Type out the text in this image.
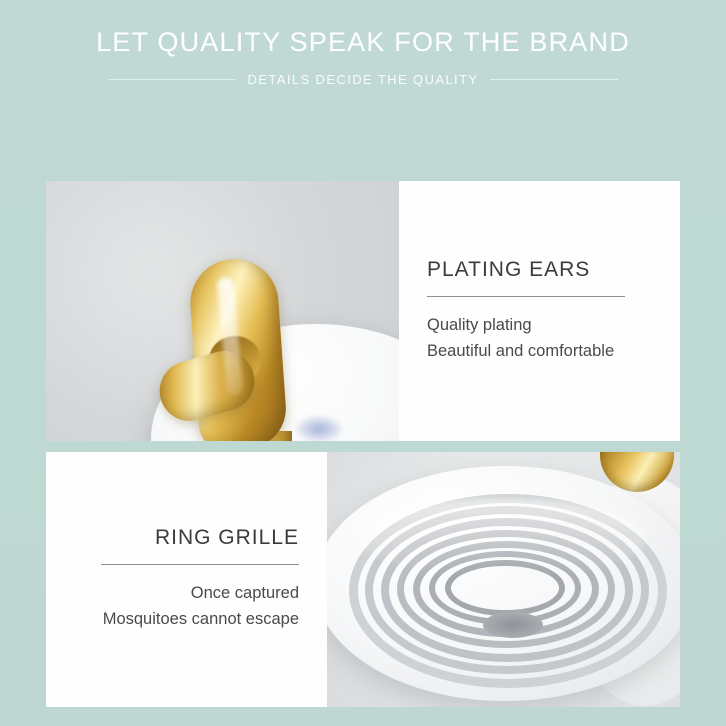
LET QUALITY SPEAK FOR THE BRAND
DETAILS DECIDE THE QUALITY
PLATING EARS
Quality plating
Beautiful and comfortable
RING GRILLE
Once captured
Mosquitoes cannot escape
